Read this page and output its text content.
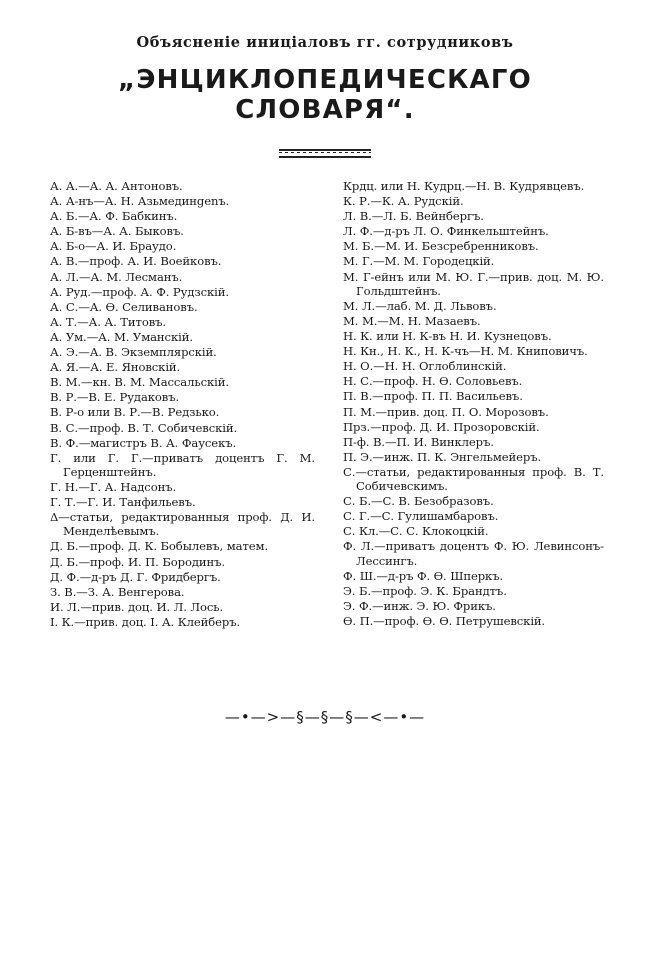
Объясненіе иниціаловъ гг. сотрудниковъ
„ЭНЦИКЛОПЕДИЧЕСКАГО СЛОВАРЯ“.
А. А.—А. А. Антоновъ.
А. А-нъ—А. Н. Азьмединgenъ.
А. Б.—А. Ф. Бабкинъ.
А. Б-въ—А. А. Быковъ.
А. Б-о—А. И. Браудо.
А. В.—проф. А. И. Воейковъ.
А. Л.—А. М. Лесманъ.
А. Руд.—проф. А. Ф. Рудзскій.
А. С.—А. Ө. Селивановъ.
А. Т.—А. А. Титовъ.
А. Ум.—А. М. Уманскій.
А. Э.—А. В. Экземплярскій.
А. Я.—А. Е. Яновскій.
В. М.—кн. В. М. Массальскій.
В. Р.—В. Е. Рудаковъ.
В. Р-о или В. Р.—В. Редзько.
В. С.—проф. В. Т. Собичевскій.
В. Ф.—магистръ В. А. Фаусекъ.
Г. или Г. Г.—приватъ доцентъ Г. М. Герценштейнъ.
Г. Н.—Г. А. Надсонъ.
Г. Т.—Г. И. Танфильевъ.
Δ—статьи, редактированныя проф. Д. И. Менделѣевымъ.
Д. Б.—проф. Д. К. Бобылевъ, матем.
Д. Б.—проф. И. П. Бородинъ.
Д. Ф.—д-ръ Д. Г. Фридбергъ.
З. В.—З. А. Венгерова.
И. Л.—прив. доц. И. Л. Лось.
І. К.—прив. доц. І. А. Клейберъ.
Крдц. или Н. Кудрц.—Н. В. Кудрявцевъ.
К. Р.—К. А. Рудскій.
Л. В.—Л. Б. Вейнбергъ.
Л. Ф.—д-ръ Л. О. Финкельштейнъ.
М. Б.—М. И. Безсребренниковъ.
М. Г.—М. М. Городецкій.
М. Г-ейнъ или М. Ю. Г.—прив. доц. М. Ю. Гольдштейнъ.
М. Л.—лаб. М. Д. Львовъ.
М. М.—М. Н. Мазаевъ.
Н. К. или Н. К-въ Н. И. Кузнецовъ.
Н. Кн., Н. К., Н. К-чъ—Н. М. Книповичъ.
Н. О.—Н. Н. Оглоблинскій.
Н. С.—проф. Н. Ө. Соловьевъ.
П. В.—проф. П. П. Васильевъ.
П. М.—прив. доц. П. О. Морозовъ.
Прз.—проф. Д. И. Прозоровскій.
П-ф. В.—П. И. Винклеръ.
П. Э.—инж. П. К. Энгельмейеръ.
С.—статьи, редактированныя проф. В. Т. Собичевскимъ.
С. Б.—С. В. Безобразовъ.
С. Г.—С. Гулишамбаровъ.
С. Кл.—С. С. Клокоцкій.
Ф. Л.—приватъ доцентъ Ф. Ю. Левинсонъ-Лессингъ.
Ф. Ш.—д-ръ Ф. Ө. Шперкъ.
Э. Б.—проф. Э. К. Брандтъ.
Э. Ф.—инж. Э. Ю. Фрикъ.
Ө. П.—проф. Ө. Ө. Петрушевскій.
—•—>—§—§—§—<—•—
